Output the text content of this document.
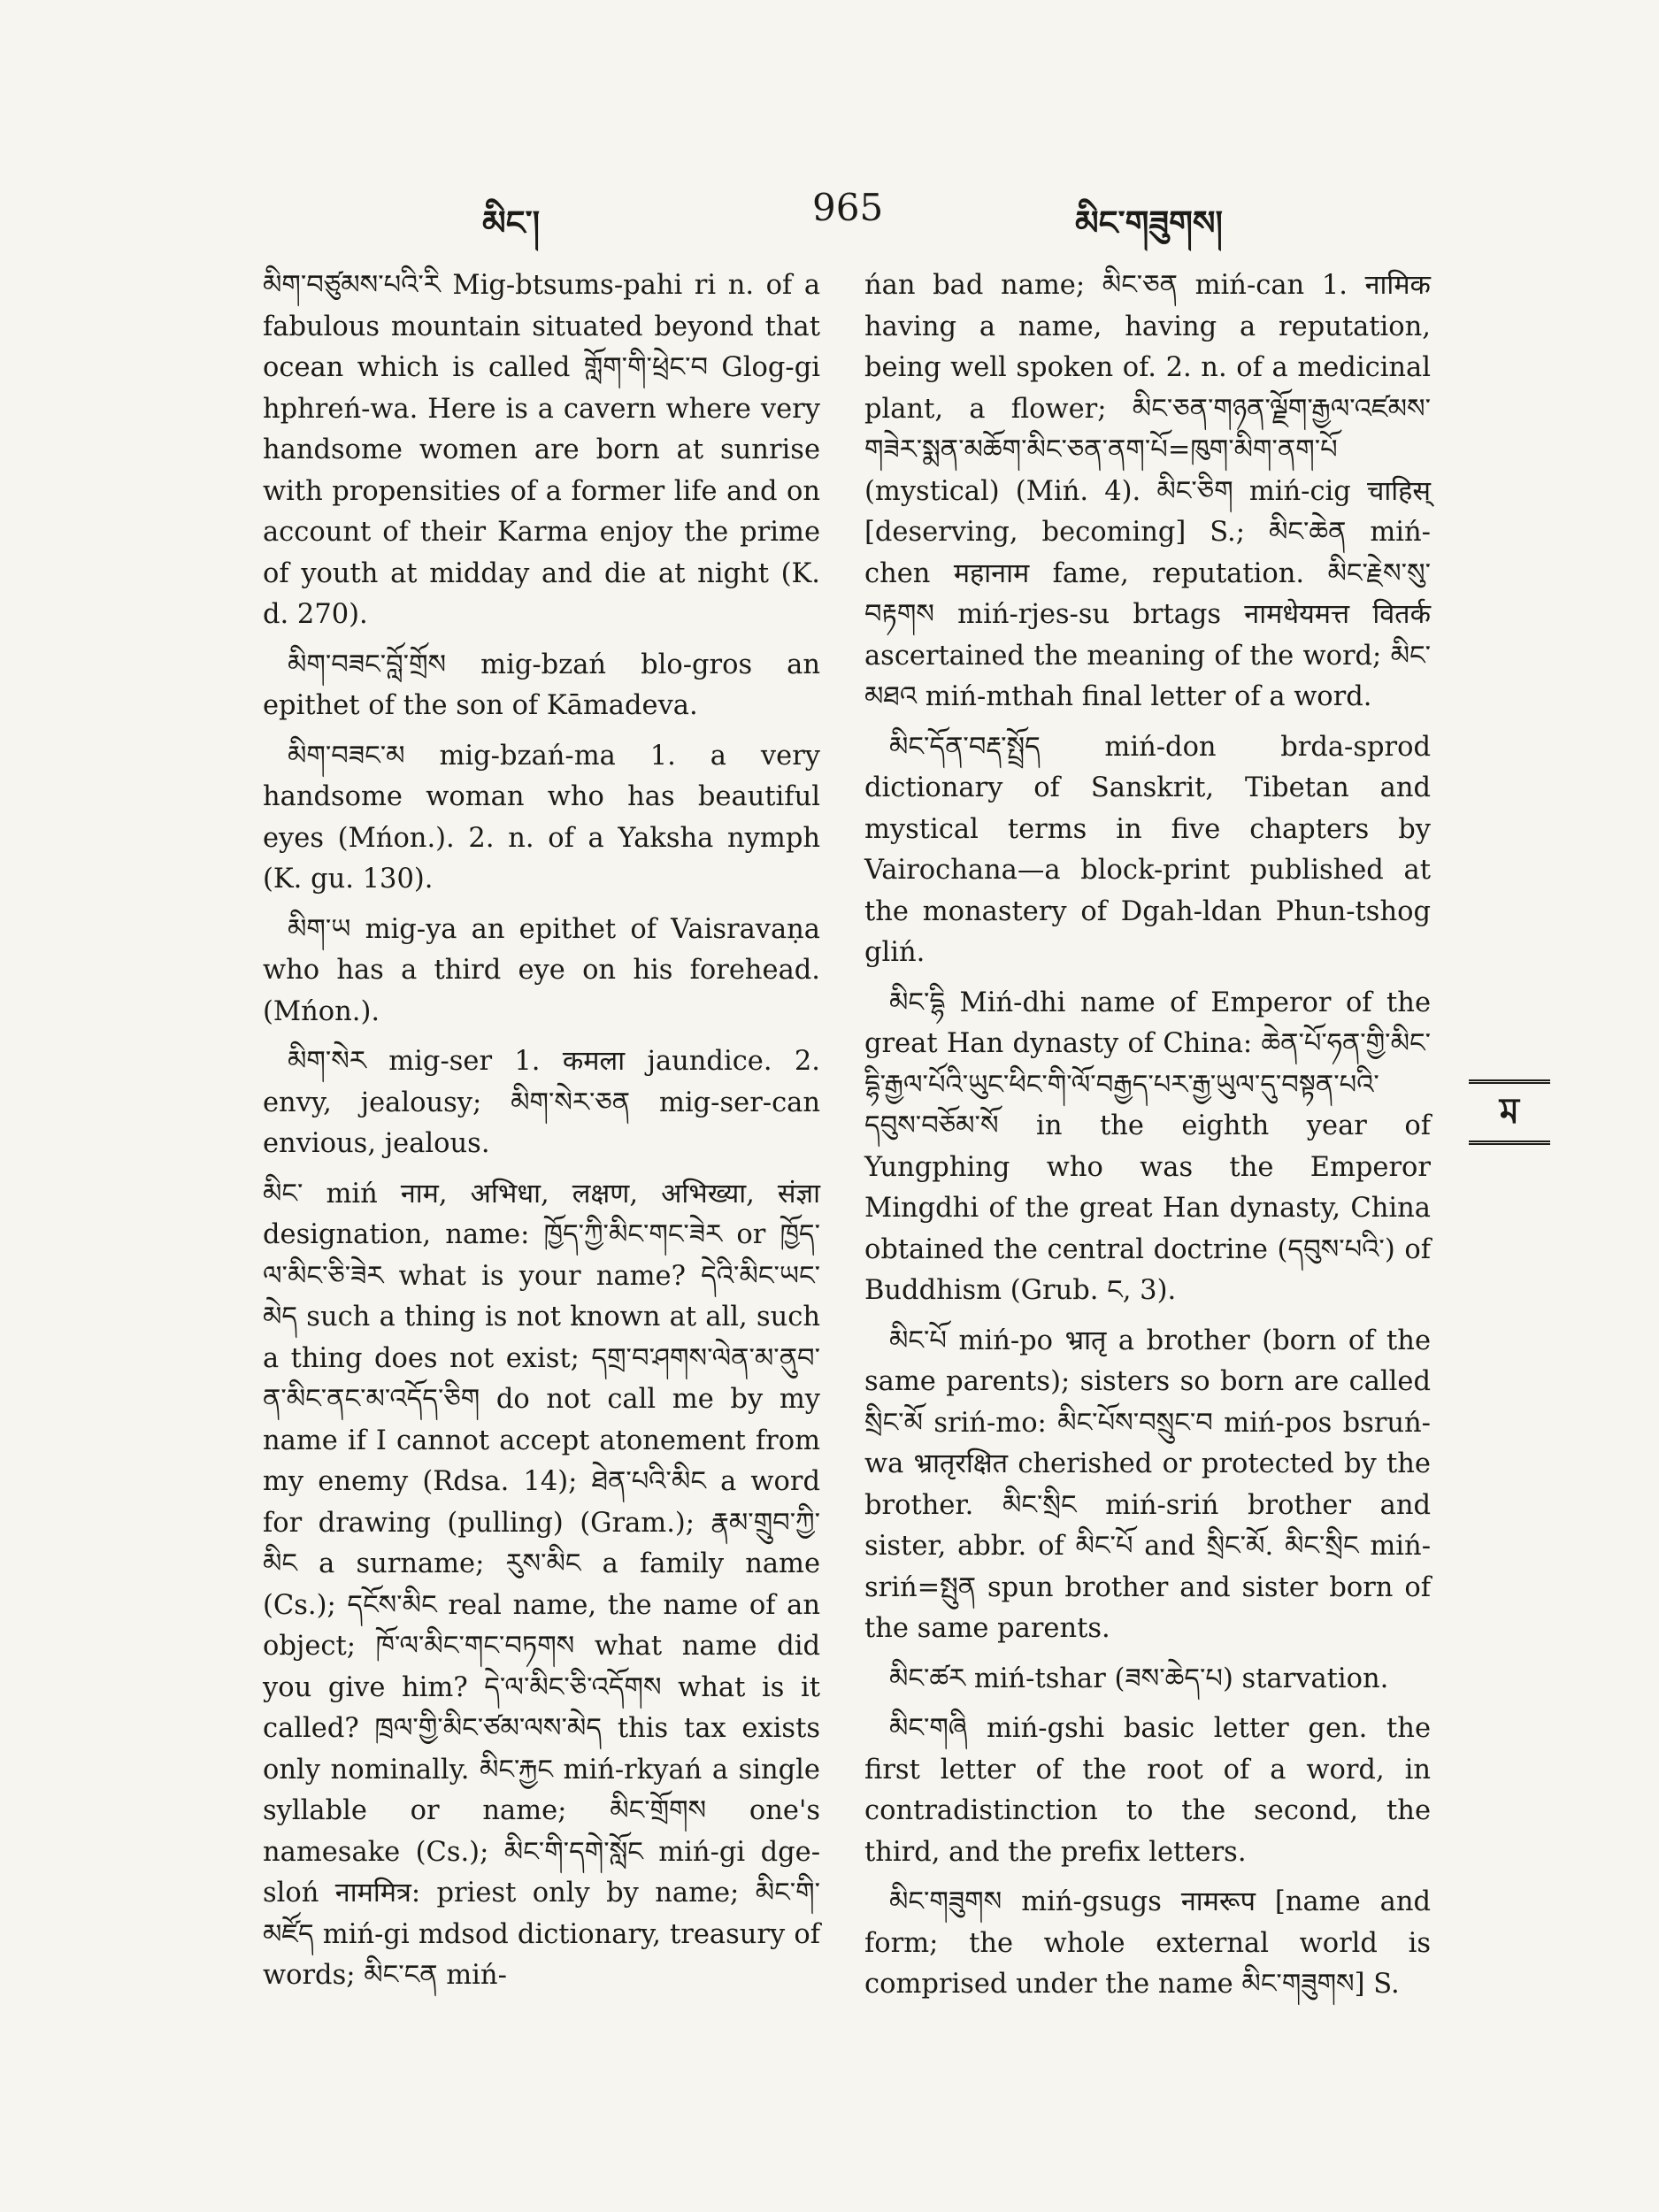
མིང་།	965	མིང་གཟུགས།

མིག་བཙུམས་པའི་རི Mig-btsums-pahi ri n. of a fabulous mountain situated beyond that ocean which is called གློག་གི་ཕྲེང་བ Glog-gi hphreń-wa. Here is a cavern where very handsome women are born at sunrise with propensities of a former life and on account of their Karma enjoy the prime of youth at midday and die at night (K. d. 270).

མིག་བཟང་བློ་གྲོས mig-bzań blo-gros an epithet of the son of Kāmadeva.

མིག་བཟང་མ mig-bzań-ma 1. a very handsome woman who has beautiful eyes (Mńon.). 2. n. of a Yaksha nymph (K. gu. 130).

མིག་ཡ mig-ya an epithet of Vaisravaṇa who has a third eye on his forehead. (Mńon.).

མིག་སེར mig-ser 1. कमला jaundice. 2. envy, jealousy; མིག་སེར་ཅན mig-ser-can envious, jealous.

མིང་ miń नाम, अभिधा, लक्षण, अभिख्या, संज्ञा designation, name: ཁྱོད་ཀྱི་མིང་གང་ཟེར or ཁྱོད་ལ་མིང་ཅི་ཟེར what is your name? དེའི་མིང་ཡང་མེད such a thing is not known at all, such a thing does not exist; དགྲ་བ་ཤགས་ལེན་མ་ནུབ་ན་མིང་ནང་མ་འདོད་ཅིག do not call me by my name if I cannot accept atonement from my enemy (Rdsa. 14); ཐེན་པའི་མིང a word for drawing (pulling) (Gram.); རྣམ་གྲུབ་ཀྱི་མིང a surname; རུས་མིང a family name (Cs.); དངོས་མིང real name, the name of an object; ཁོ་ལ་མིང་གང་བཏགས what name did you give him? དེ་ལ་མིང་ཅི་འདོགས what is it called? ཁྲལ་གྱི་མིང་ཙམ་ལས་མེད this tax exists only nominally. མིང་རྐྱང miń-rkyań a single syllable or name; མིང་གྲོགས one's namesake (Cs.); མིང་གི་དགེ་སློང miń-gi dge-sloń नाममित्र: priest only by name; མིང་གི་མཛོད miń-gi mdsod dictionary, treasury of words; མིང་ངན miń-

ńan bad name; མིང་ཅན miń-can 1. नामिक having a name, having a reputation, being well spoken of. 2. n. of a medicinal plant, a flower; མིང་ཅན་གཉན་ལྗོག་རྒྱལ་འཛམས་གཟེར་སྨན་མཆོག་མིང་ཅན་ནག་པོ=ཁུག་མིག་ནག་པོ (mystical) (Miń. 4). མིང་ཅིག miń-cig चाहिस् [deserving, becoming] S.; མིང་ཆེན miń-chen महानाम fame, reputation. མིང་རྗེས་སུ་བརྟགས miń-rjes-su brtags नामधेयमत्त वितर्क ascertained the meaning of the word; མིང་མཐའ miń-mthah final letter of a word.

མིང་དོན་བརྡ་སྤྲོད miń-don brda-sprod dictionary of Sanskrit, Tibetan and mystical terms in five chapters by Vairochana—a block-print published at the monastery of Dgah-ldan Phun-tshog gliń.

མིང་དྷི Miń-dhi name of Emperor of the great Han dynasty of China: ཆེན་པོ་ཧན་གྱི་མིང་དྷི་རྒྱལ་པོའི་ཡུང་ཕིང་གི་ལོ་བརྒྱད་པར་རྒྱ་ཡུལ་དུ་བསྟན་པའི་དབུས་བཅོམ་སོ in the eighth year of Yungphing who was the Emperor Mingdhi of the great Han dynasty, China obtained the central doctrine (དབུས་པའི་) of Buddhism (Grub. ང, 3).

མིང་པོ miń-po भ्रातृ a brother (born of the same parents); sisters so born are called སྲིང་མོ sriń-mo: མིང་པོས་བསྲུང་བ miń-pos bsruń-wa भ्रातृरक्षित cherished or protected by the brother. མིང་སྲིང miń-sriń brother and sister, abbr. of མིང་པོ and སྲིང་མོ. མིང་སྲིང miń-sriń=སྤུན spun brother and sister born of the same parents.

མིང་ཚར miń-tshar (ཟས་ཆེད་པ) starvation.

མིང་གཞི miń-gshi basic letter gen. the first letter of the root of a word, in contradistinction to the second, the third, and the prefix letters.

མིང་གཟུགས miń-gsugs नामरूप [name and form; the whole external world is comprised under the name མིང་གཟུགས] S.

ম
